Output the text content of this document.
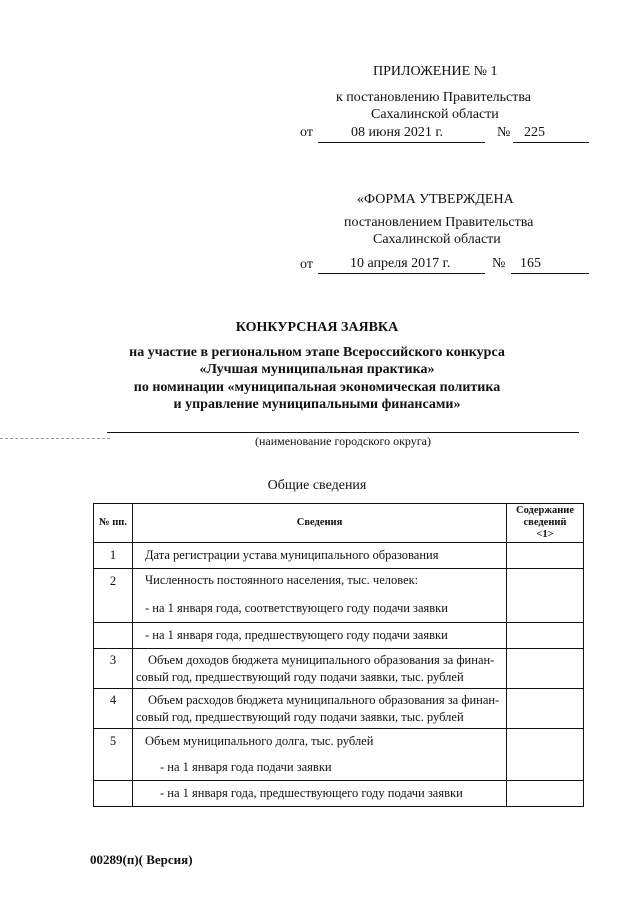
ПРИЛОЖЕНИЕ № 1
к постановлению Правительства
Сахалинской области
от	08 июня 2021 г.	№ 225
«ФОРМА УТВЕРЖДЕНА
постановлением Правительства
Сахалинской области
от	10 апреля 2017 г.	№ 165
КОНКУРСНАЯ ЗАЯВКА
на участие в региональном этапе Всероссийского конкурса
«Лучшая муниципальная практика»
по номинации «муниципальная экономическая политика
и управление муниципальными финансами»
(наименование городского округа)
Общие сведения
№ пп.	Сведения	Содержание сведений <1>
1	Дата регистрации устава муниципального образования	
2	Численность постоянного населения, тыс. человек:	
	- на 1 января года, соответствующего году подачи заявки	
	- на 1 января года, предшествующего году подачи заявки	
3	Объем доходов бюджета муниципального образования за финан-
совый год, предшествующий году подачи заявки, тыс. рублей	

4	Объем расходов бюджета муниципального образования за финан-
совый год, предшествующий году подачи заявки, тыс. рублей	

5	Объем муниципального долга, тыс. рублей	
	- на 1 января года подачи заявки	
	- на 1 января года, предшествующего году подачи заявки	
00289(п)( Версия)
